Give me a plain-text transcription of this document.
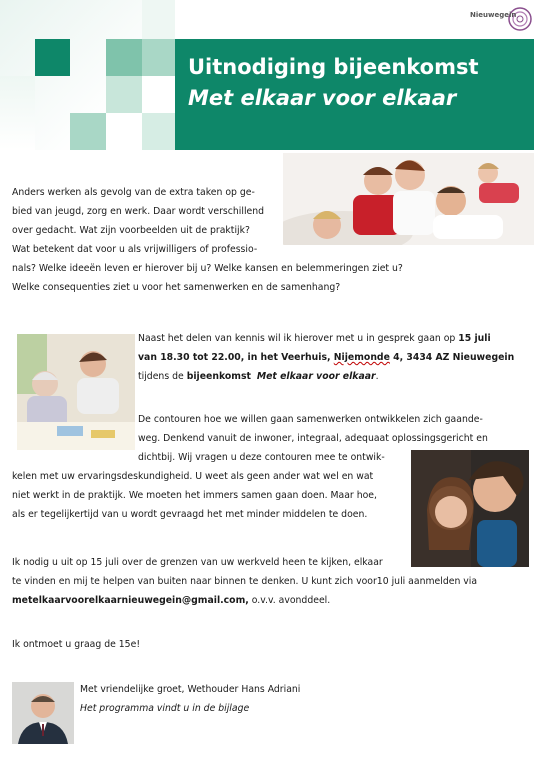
Uitnodiging bijeenkomst
Met elkaar voor elkaar
Nieuwegein
Anders werken als gevolg van de extra taken op ge-
bied van jeugd, zorg en werk. Daar wordt verschillend
over gedacht. Wat zijn voorbeelden uit de praktijk?
Wat betekent dat voor u als vrijwilligers of professio-
nals? Welke ideeën leven er hierover bij u? Welke kansen en belemmeringen ziet u?
Welke consequenties ziet u voor het samenwerken en de samenhang?
Naast het delen van kennis wil ik hierover met u in gesprek gaan op 15 juli
van 18.30 tot 22.00, in het Veerhuis, Nijemonde 4, 3434 AZ Nieuwegein
tijdens de bijeenkomst Met elkaar voor elkaar.
De contouren hoe we willen gaan samenwerken ontwikkelen zich gaande-
weg. Denkend vanuit de inwoner, integraal, adequaat oplossingsgericht en
dichtbij. Wij vragen u deze contouren mee te ontwik-
kelen met uw ervaringsdeskundigheid. U weet als geen ander wat wel en wat
niet werkt in de praktijk. We moeten het immers samen gaan doen. Maar hoe,
als er tegelijkertijd van u wordt gevraagd het met minder middelen te doen.
Ik nodig u uit op 15 juli over de grenzen van uw werkveld heen te kijken, elkaar
te vinden en mij te helpen van buiten naar binnen te denken. U kunt zich voor10 juli aanmelden via
metelkaarvoorelkaarnieuwegein@gmail.com, o.v.v. avonddeel.
Ik ontmoet u graag de 15e!
Met vriendelijke groet, Wethouder Hans Adriani
Het programma vindt u in de bijlage
